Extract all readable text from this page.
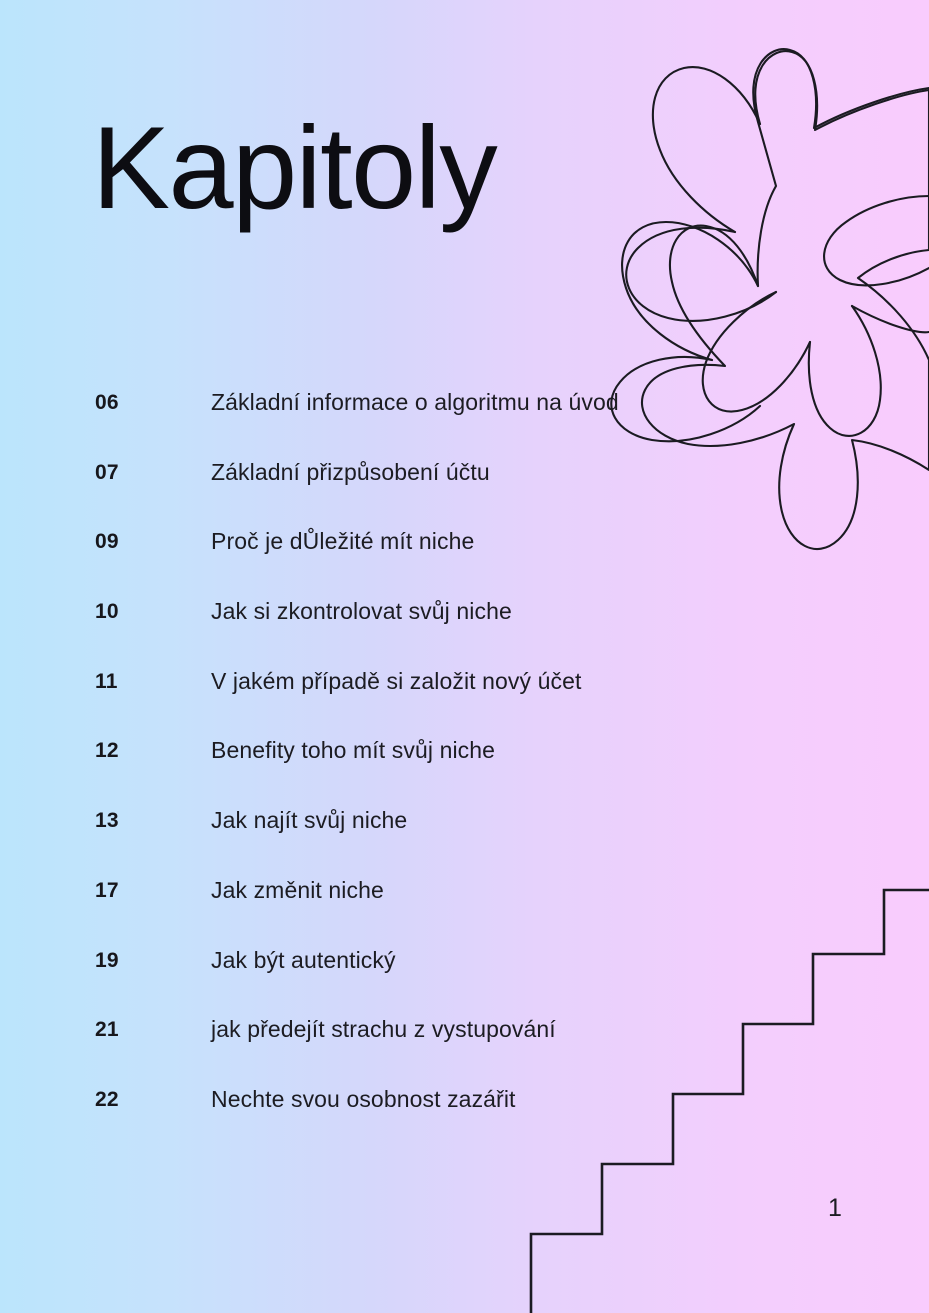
Kapitoly
06	Základní informace o algoritmu na úvod
07	Základní přizpůsobení účtu
09	Proč je dŮležité mít niche
10	Jak si zkontrolovat svůj niche
11	V jakém případě si založit nový účet
12	Benefity toho mít svůj niche
13	Jak najít svůj niche
17	Jak změnit niche
19	Jak být autentický
21	jak předejít strachu z vystupování
22	Nechte svou osobnost zazářit
1
